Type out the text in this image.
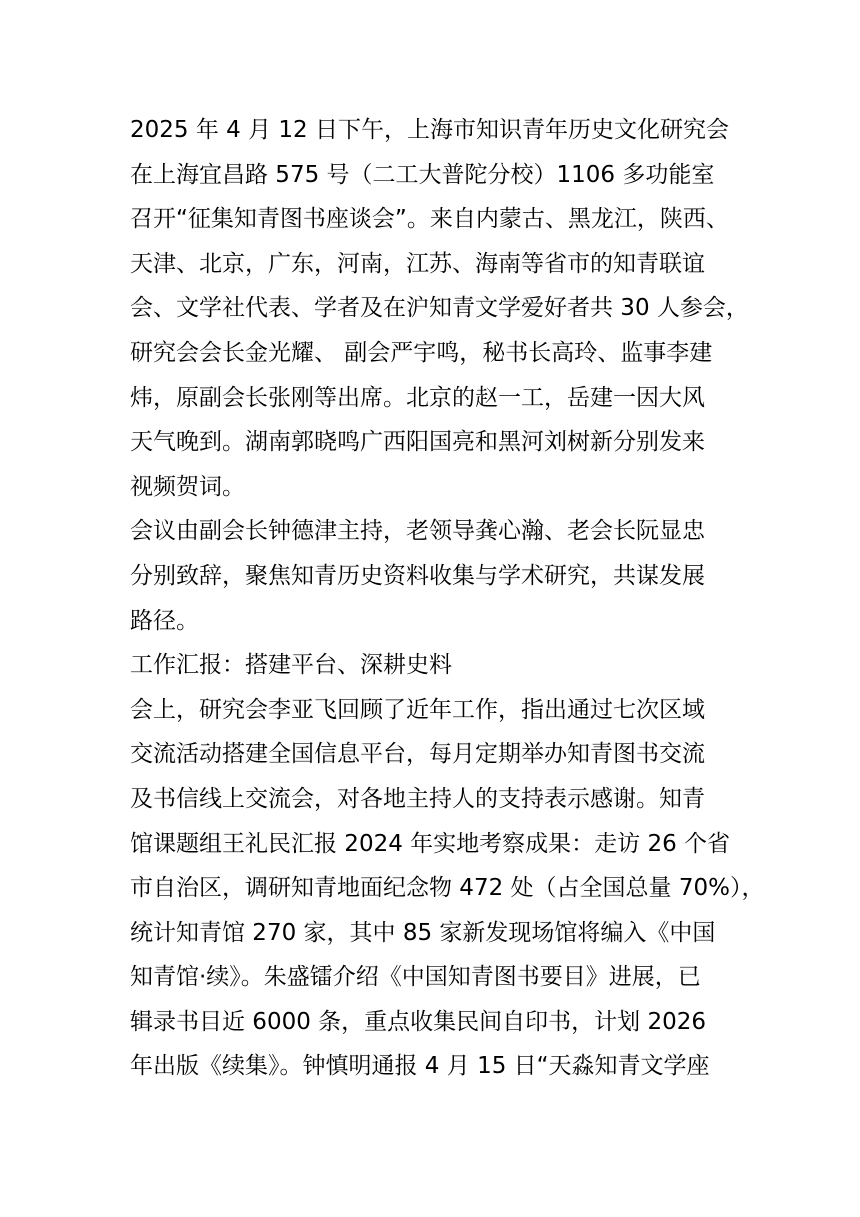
2025 年 4 月 12 日下午，上海市知识青年历史文化研究会

在上海宜昌路 575 号（二工大普陀分校）1106 多功能室

召开“征集知青图书座谈会”。来自内蒙古、黑龙江，陕西、

天津、北京，广东，河南，江苏、海南等省市的知青联谊

会、文学社代表、学者及在沪知青文学爱好者共 30 人参会，

研究会会长金光耀、 副会严宇鸣，秘书长高玲、监事李建

炜，原副会长张刚等出席。北京的赵一工，岳建一因大风

天气晚到。湖南郭晓鸣广西阳国亮和黑河刘树新分别发来

视频贺词。

会议由副会长钟德津主持，老领导龚心瀚、老会长阮显忠

分别致辞，聚焦知青历史资料收集与学术研究，共谋发展

路径。

工作汇报：搭建平台、深耕史料

会上，研究会李亚飞回顾了近年工作，指出通过七次区域

交流活动搭建全国信息平台，每月定期举办知青图书交流

及书信线上交流会，对各地主持人的支持表示感谢。知青

馆课题组王礼民汇报 2024 年实地考察成果：走访 26 个省

市自治区，调研知青地面纪念物 472 处（占全国总量 70%），

统计知青馆 270 家，其中 85 家新发现场馆将编入《中国

知青馆·续》。朱盛镭介绍《中国知青图书要目》进展，已

辑录书目近 6000 条，重点收集民间自印书，计划 2026

年出版《续集》。钟慎明通报 4 月 15 日“天淼知青文学座
